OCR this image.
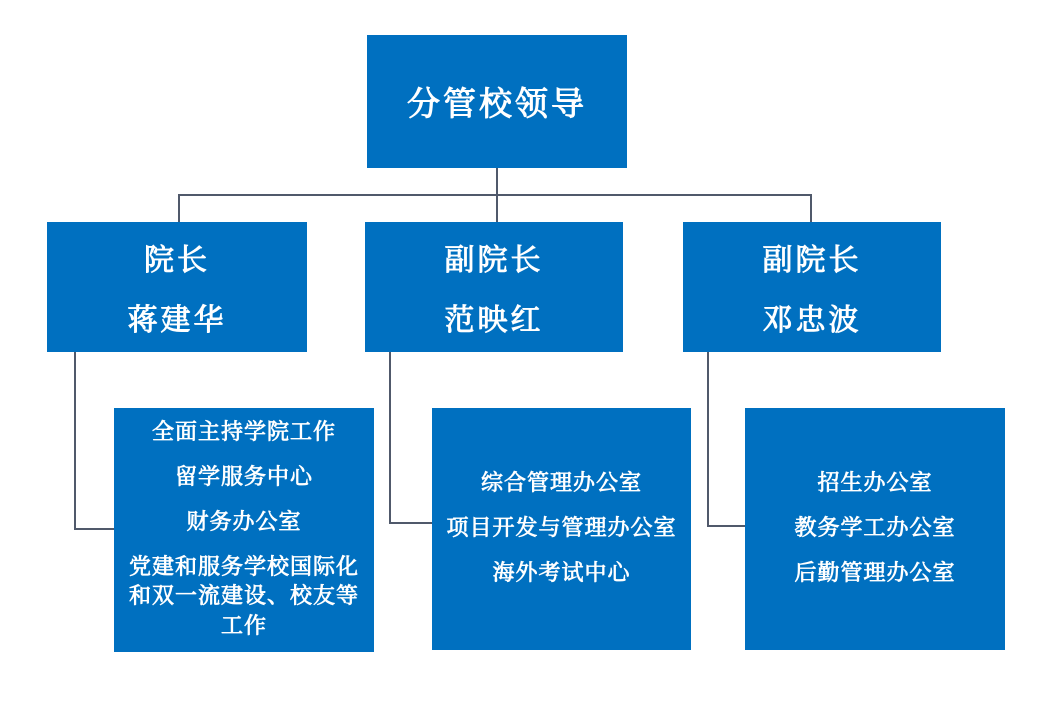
分管校领导
院长
蒋建华
副院长
范映红
副院长
邓忠波
全面主持学院工作
留学服务中心
财务办公室
党建和服务学校国际化和双一流建设、校友等工作
综合管理办公室
项目开发与管理办公室
海外考试中心
招生办公室
教务学工办公室
后勤管理办公室
